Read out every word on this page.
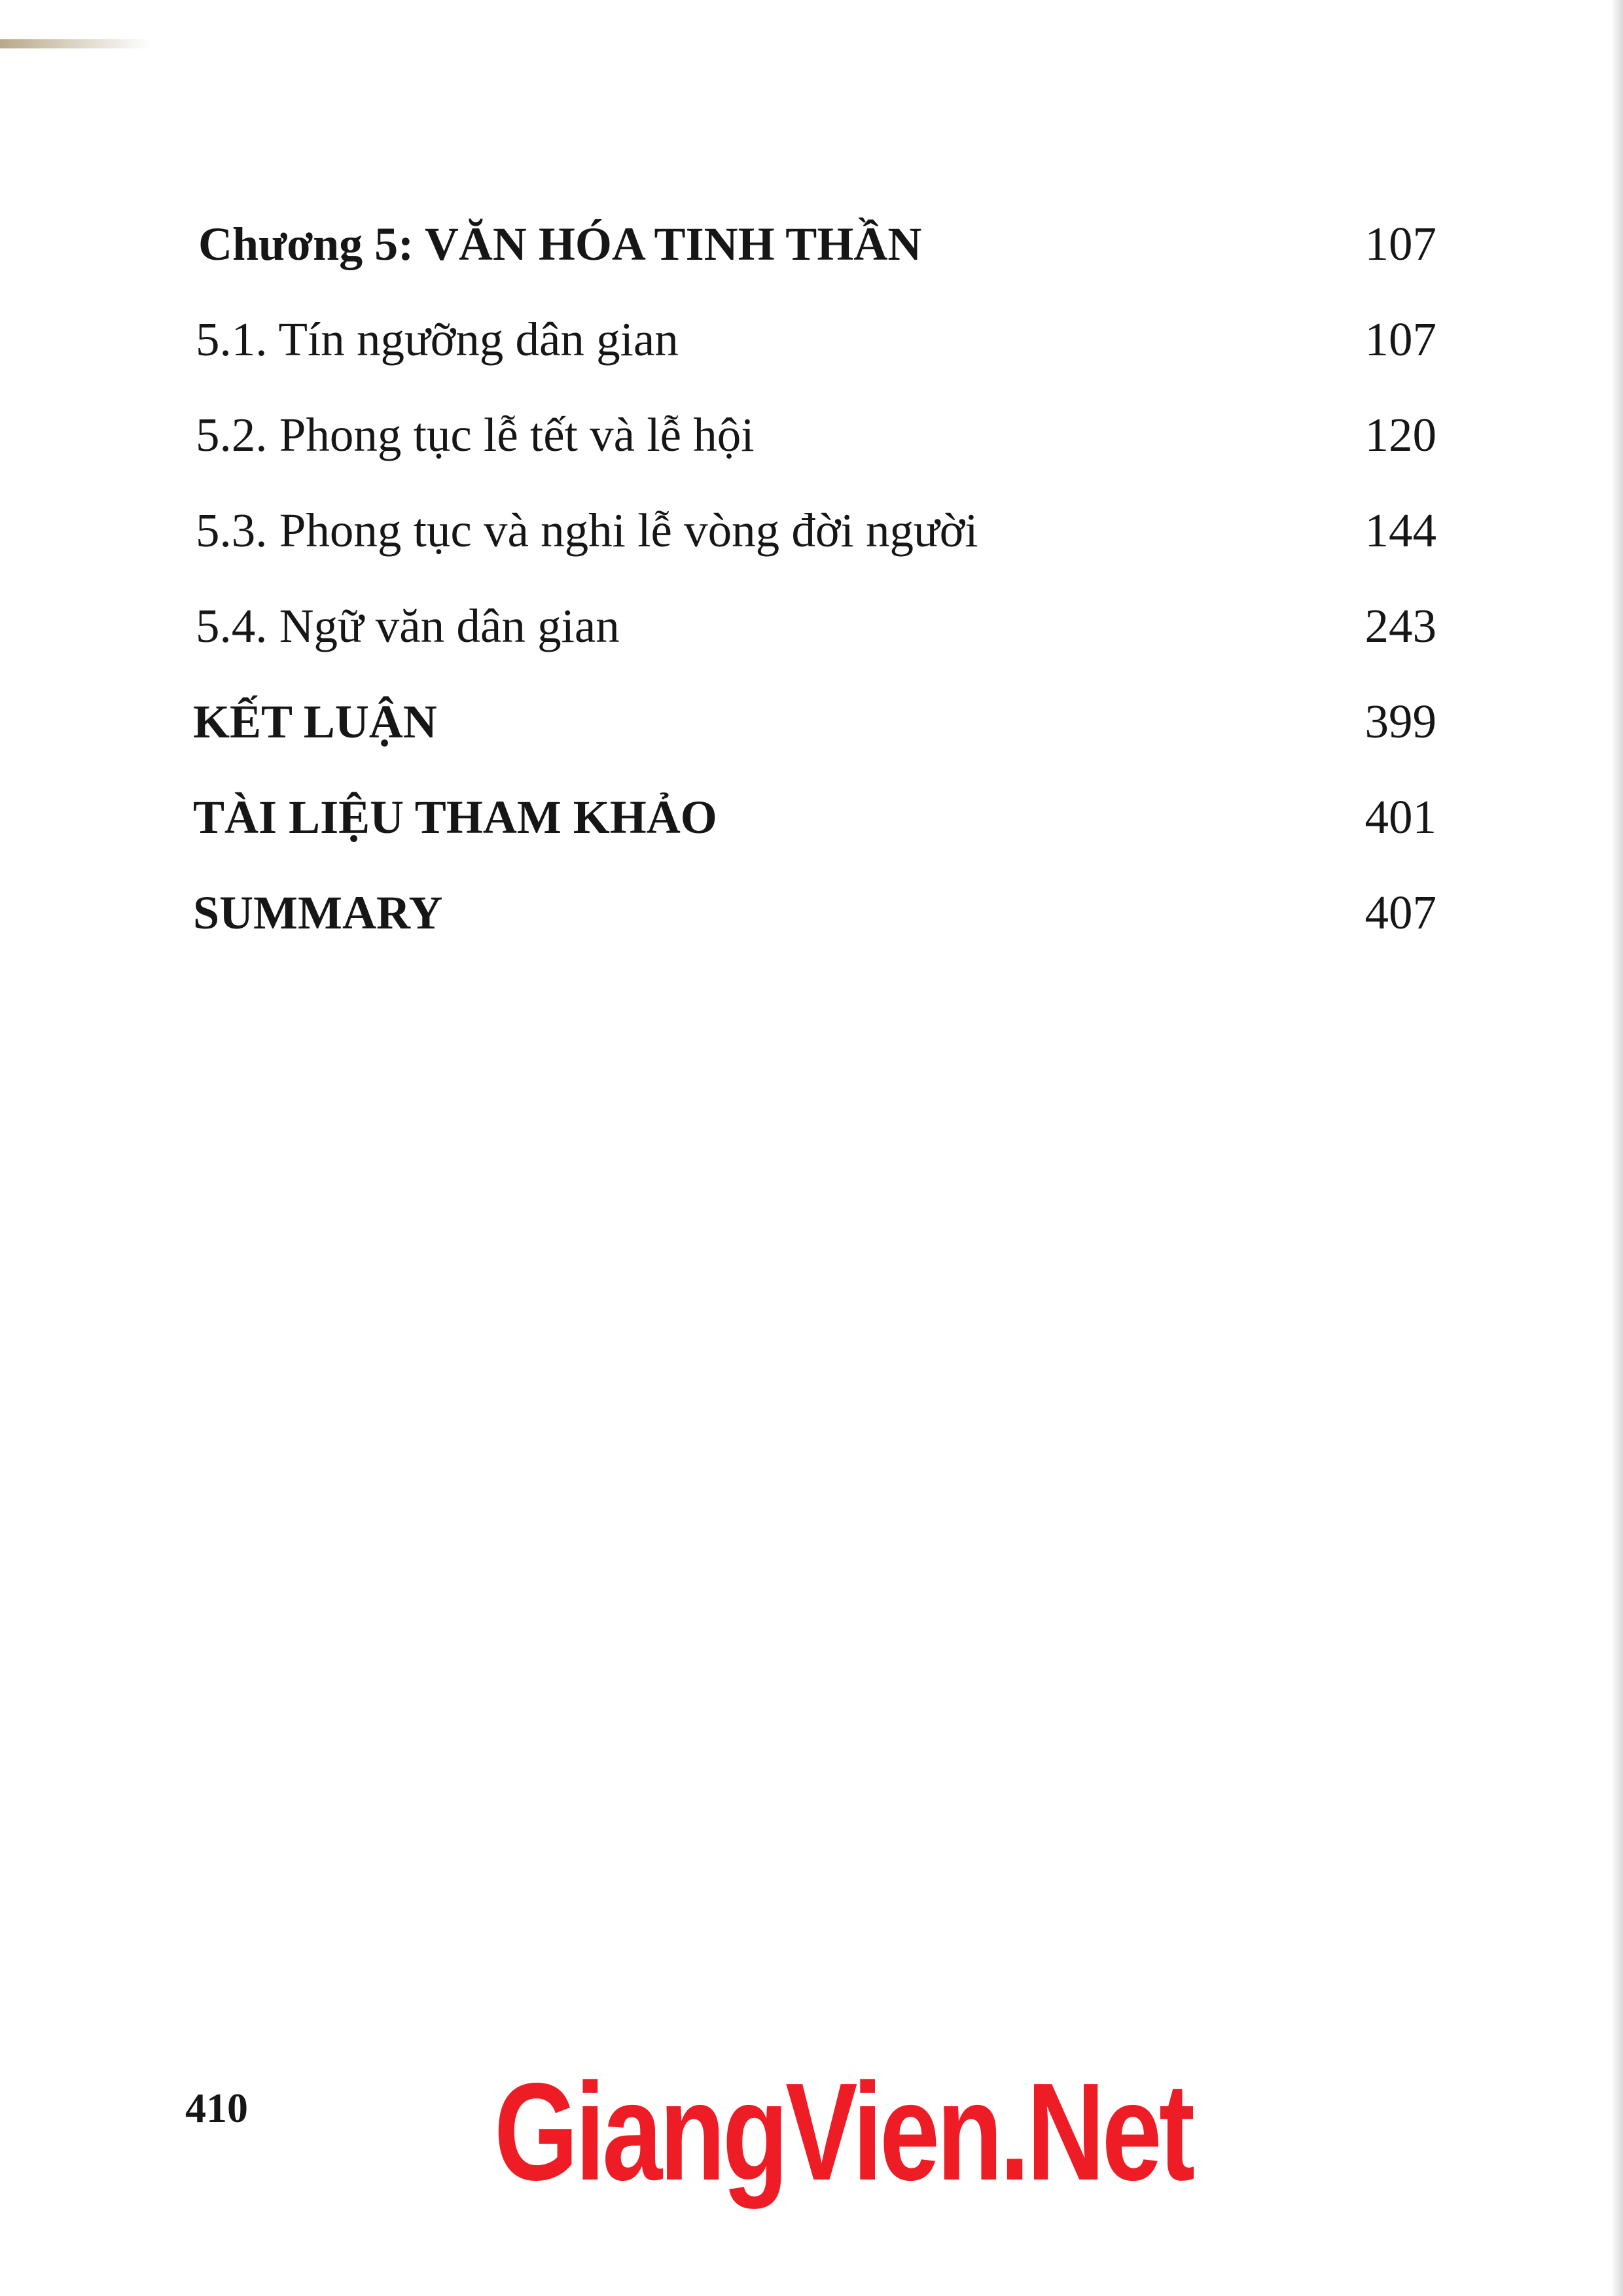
Chương 5: VĂN HÓA TINH THẦN	107
5.1. Tín ngưỡng dân gian	107
5.2. Phong tục lễ tết và lễ hội	120
5.3. Phong tục và nghi lễ vòng đời người	144
5.4. Ngữ văn dân gian	243
KẾT LUẬN	399
TÀI LIỆU THAM KHẢO	401
SUMMARY	407
410 GiangVien.Net
